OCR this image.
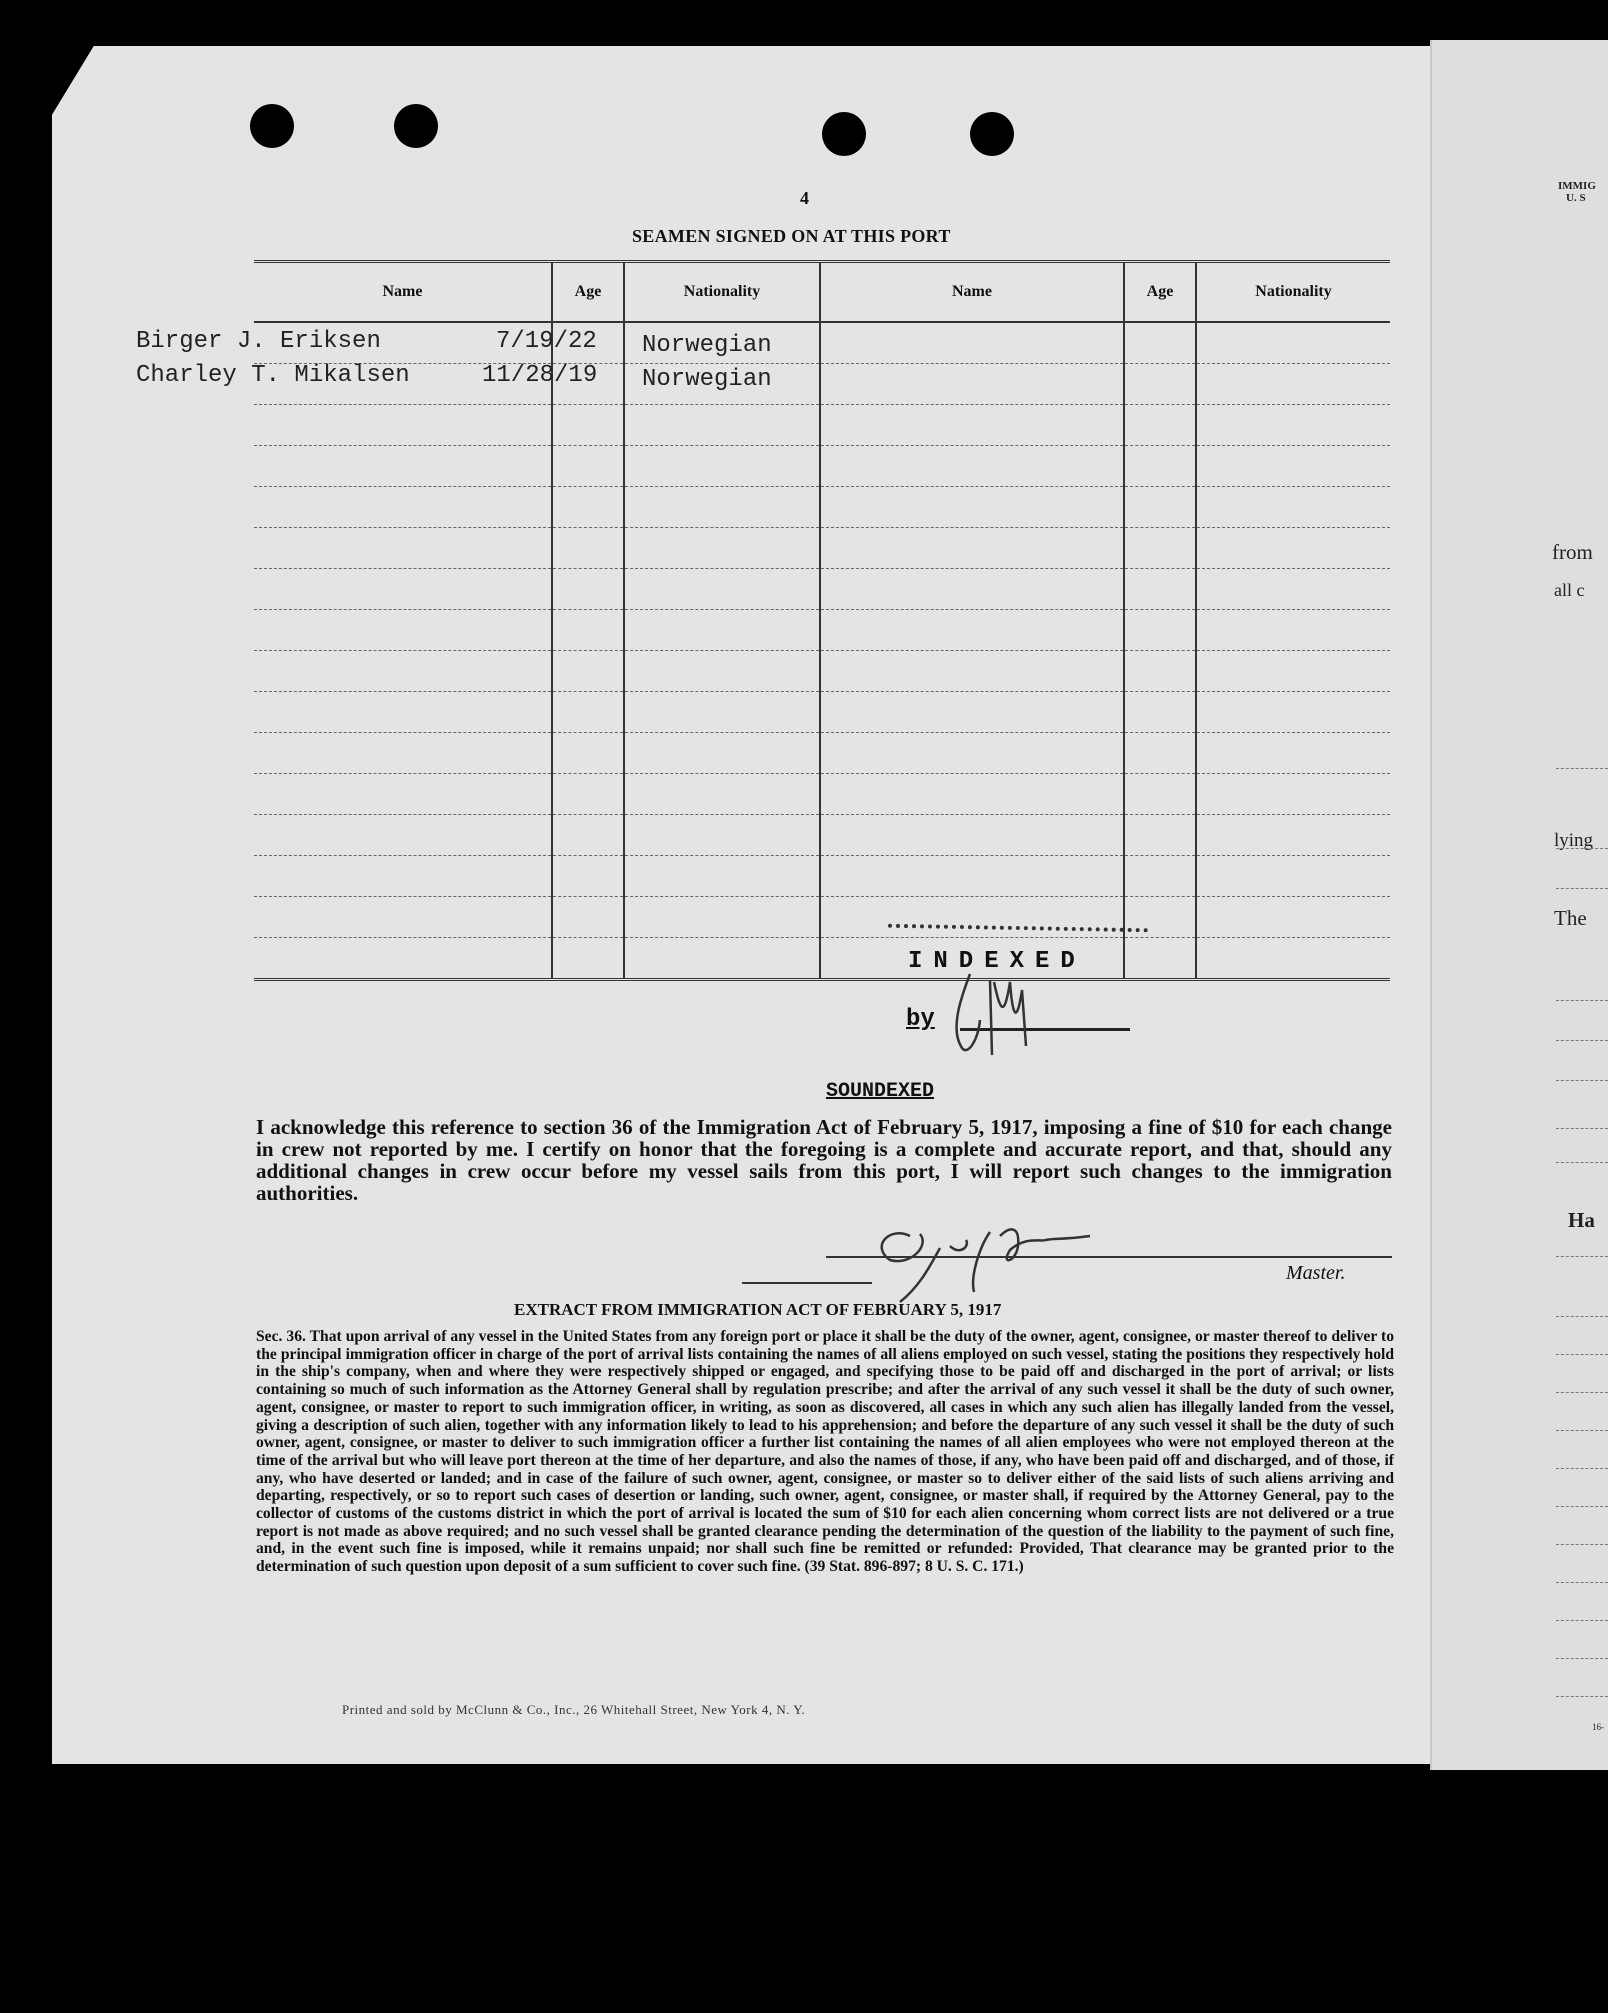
IMMIG
U. S
from
all c
lying
The
Ha
16-
4
SEAMEN SIGNED ON AT THIS PORT
Name	Age	Nationality	Name	Age	Nationality

Birger J. Eriksen	7/19/22 Norwegian
Charley T. Mikalsen	11/28/19 Norwegian
INDEXED
by
SOUNDEXED
I acknowledge this reference to section 36 of the Immigration Act of February 5, 1917, imposing a fine of $10 for each change in crew not reported by me. I certify on honor that the foregoing is a complete and accurate report, and that, should any additional changes in crew occur before my vessel sails from this port, I will report such changes to the immigration authorities.
Master.
EXTRACT FROM IMMIGRATION ACT OF FEBRUARY 5, 1917
Sec. 36. That upon arrival of any vessel in the United States from any foreign port or place it shall be the duty of the owner, agent, consignee, or master thereof to deliver to the principal immigration officer in charge of the port of arrival lists containing the names of all aliens employed on such vessel, stating the positions they respectively hold in the ship's company, when and where they were respectively shipped or engaged, and specifying those to be paid off and discharged in the port of arrival; or lists containing so much of such information as the Attorney General shall by regulation prescribe; and after the arrival of any such vessel it shall be the duty of such owner, agent, consignee, or master to report to such immigration officer, in writing, as soon as discovered, all cases in which any such alien has illegally landed from the vessel, giving a description of such alien, together with any information likely to lead to his apprehension; and before the departure of any such vessel it shall be the duty of such owner, agent, consignee, or master to deliver to such immigration officer a further list containing the names of all alien employees who were not employed thereon at the time of the arrival but who will leave port thereon at the time of her departure, and also the names of those, if any, who have been paid off and discharged, and of those, if any, who have deserted or landed; and in case of the failure of such owner, agent, consignee, or master so to deliver either of the said lists of such aliens arriving and departing, respectively, or so to report such cases of desertion or landing, such owner, agent, consignee, or master shall, if required by the Attorney General, pay to the collector of customs of the customs district in which the port of arrival is located the sum of $10 for each alien concerning whom correct lists are not delivered or a true report is not made as above required; and no such vessel shall be granted clearance pending the determination of the question of the liability to the payment of such fine, and, in the event such fine is imposed, while it remains unpaid; nor shall such fine be remitted or refunded: Provided, That clearance may be granted prior to the determination of such question upon deposit of a sum sufficient to cover such fine. (39 Stat. 896-897; 8 U. S. C. 171.)
Printed and sold by McClunn & Co., Inc., 26 Whitehall Street, New York 4, N. Y.
